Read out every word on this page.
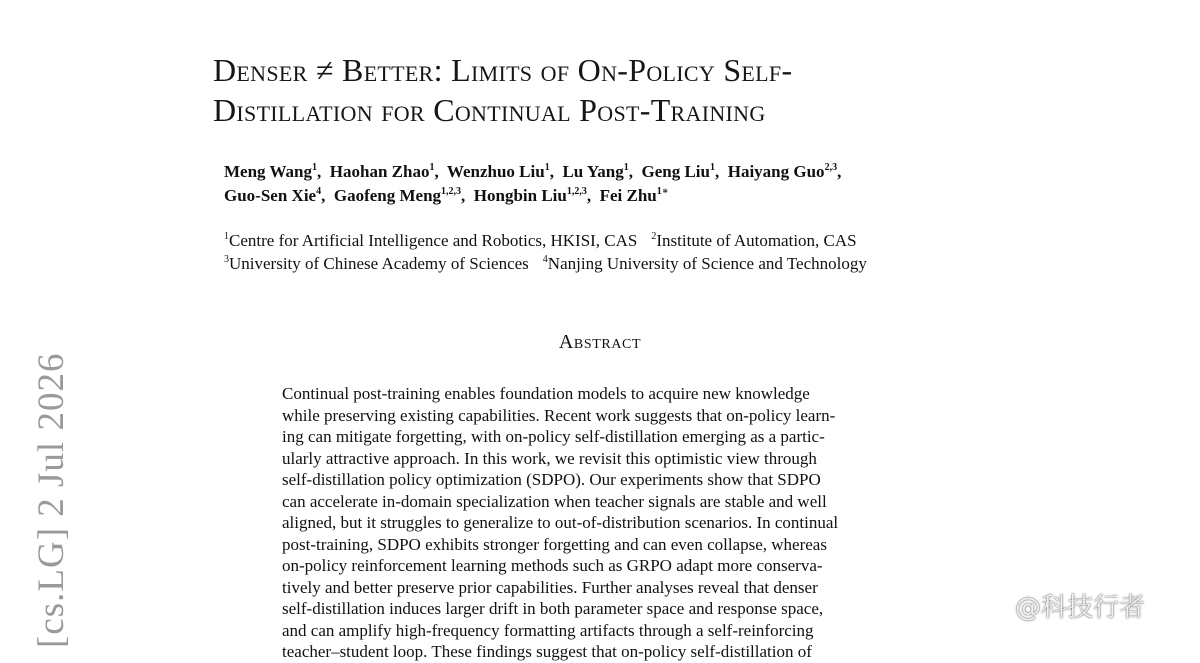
Denser ≠ Better: Limits of On-Policy Self-
Distillation for Continual Post-Training
Meng Wang$^1$,  Haohan Zhao$^1$,  Wenzhuo Liu$^1$,  Lu Yang$^1$,  Geng Liu$^1$,  Haiyang Guo$^{2,3}$,
Guo-Sen Xie$^4$,  Gaofeng Meng$^{1,2,3}$,  Hongbin Liu$^{1,2,3}$,  Fei Zhu$^{1∗}$
$^1$Centre for Artificial Intelligence and Robotics, HKISI, CAS $^2$Institute of Automation, CAS
$^3$University of Chinese Academy of Sciences $^4$Nanjing University of Science and Technology
Abstract
Continual post-training enables foundation models to acquire new knowledge
while preserving existing capabilities. Recent work suggests that on-policy learn-
ing can mitigate forgetting, with on-policy self-distillation emerging as a partic-
ularly attractive approach. In this work, we revisit this optimistic view through
self-distillation policy optimization (SDPO). Our experiments show that SDPO
can accelerate in-domain specialization when teacher signals are stable and well
aligned, but it struggles to generalize to out-of-distribution scenarios. In continual
post-training, SDPO exhibits stronger forgetting and can even collapse, whereas
on-policy reinforcement learning methods such as GRPO adapt more conserva-
tively and better preserve prior capabilities. Further analyses reveal that denser
self-distillation induces larger drift in both parameter space and response space,
and can amplify high-frequency formatting artifacts through a self-reinforcing
teacher–student loop. These findings suggest that on-policy self-distillation of
[cs.LG] 2 Jul 2026	@科技行者
